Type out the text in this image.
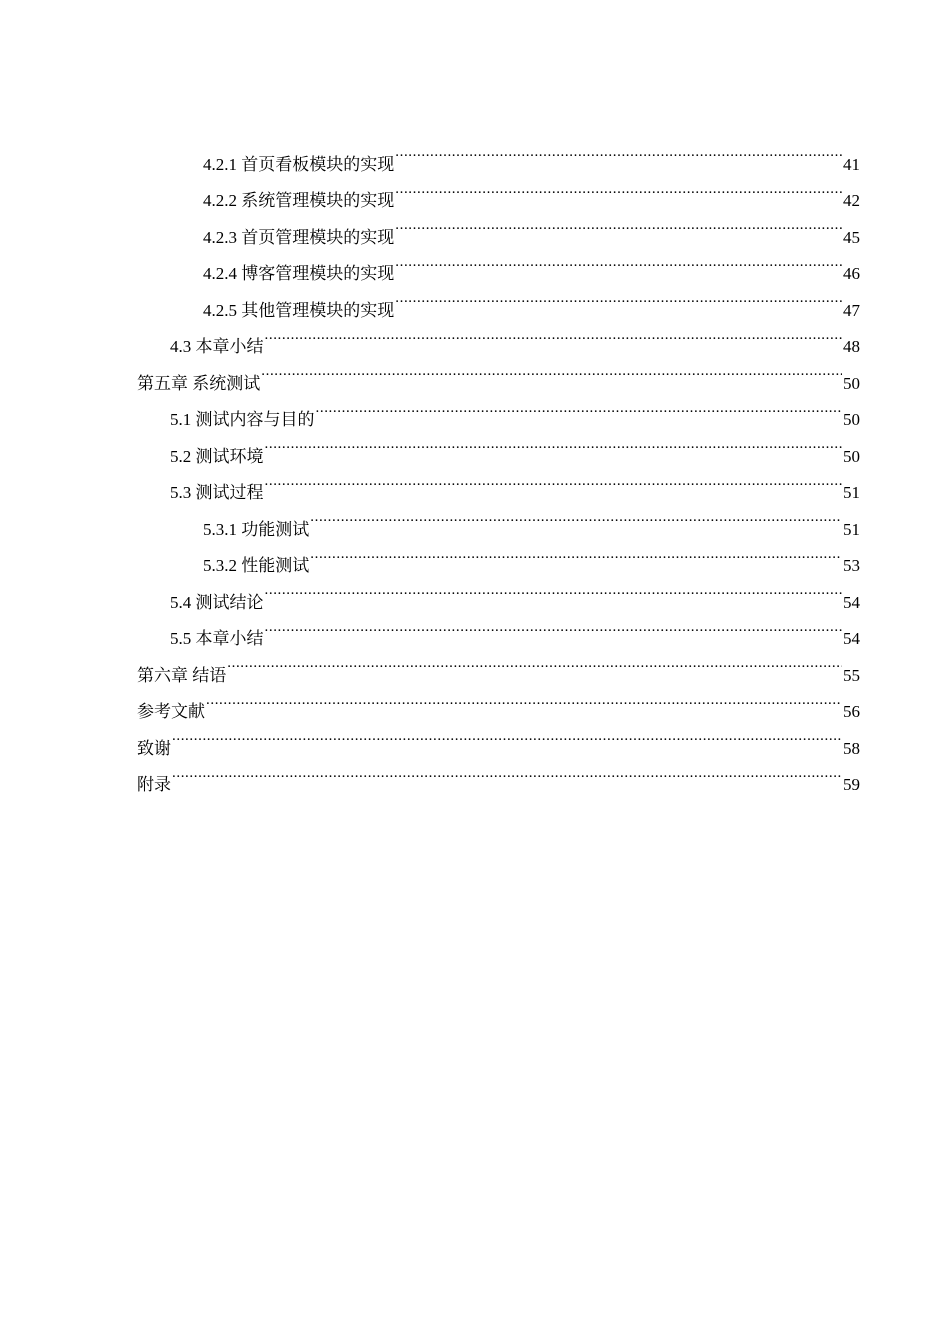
4.2.1 首页看板模块的实现 .....	41
4.2.2 系统管理模块的实现 .....	42
4.2.3 首页管理模块的实现 .....	45
4.2.4 博客管理模块的实现 .....	46
4.2.5 其他管理模块的实现 .....	47
4.3 本章小结 .....	48
第五章 系统测试 .....	50
5.1 测试内容与目的 .....	50
5.2 测试环境 .....	50
5.3 测试过程 .....	51
5.3.1 功能测试 .....	51
5.3.2 性能测试 .....	53
5.4 测试结论 .....	54
5.5 本章小结 .....	54
第六章 结语 .....	55
参考文献 .....	56
致谢 .....	58
附录 .....	59
